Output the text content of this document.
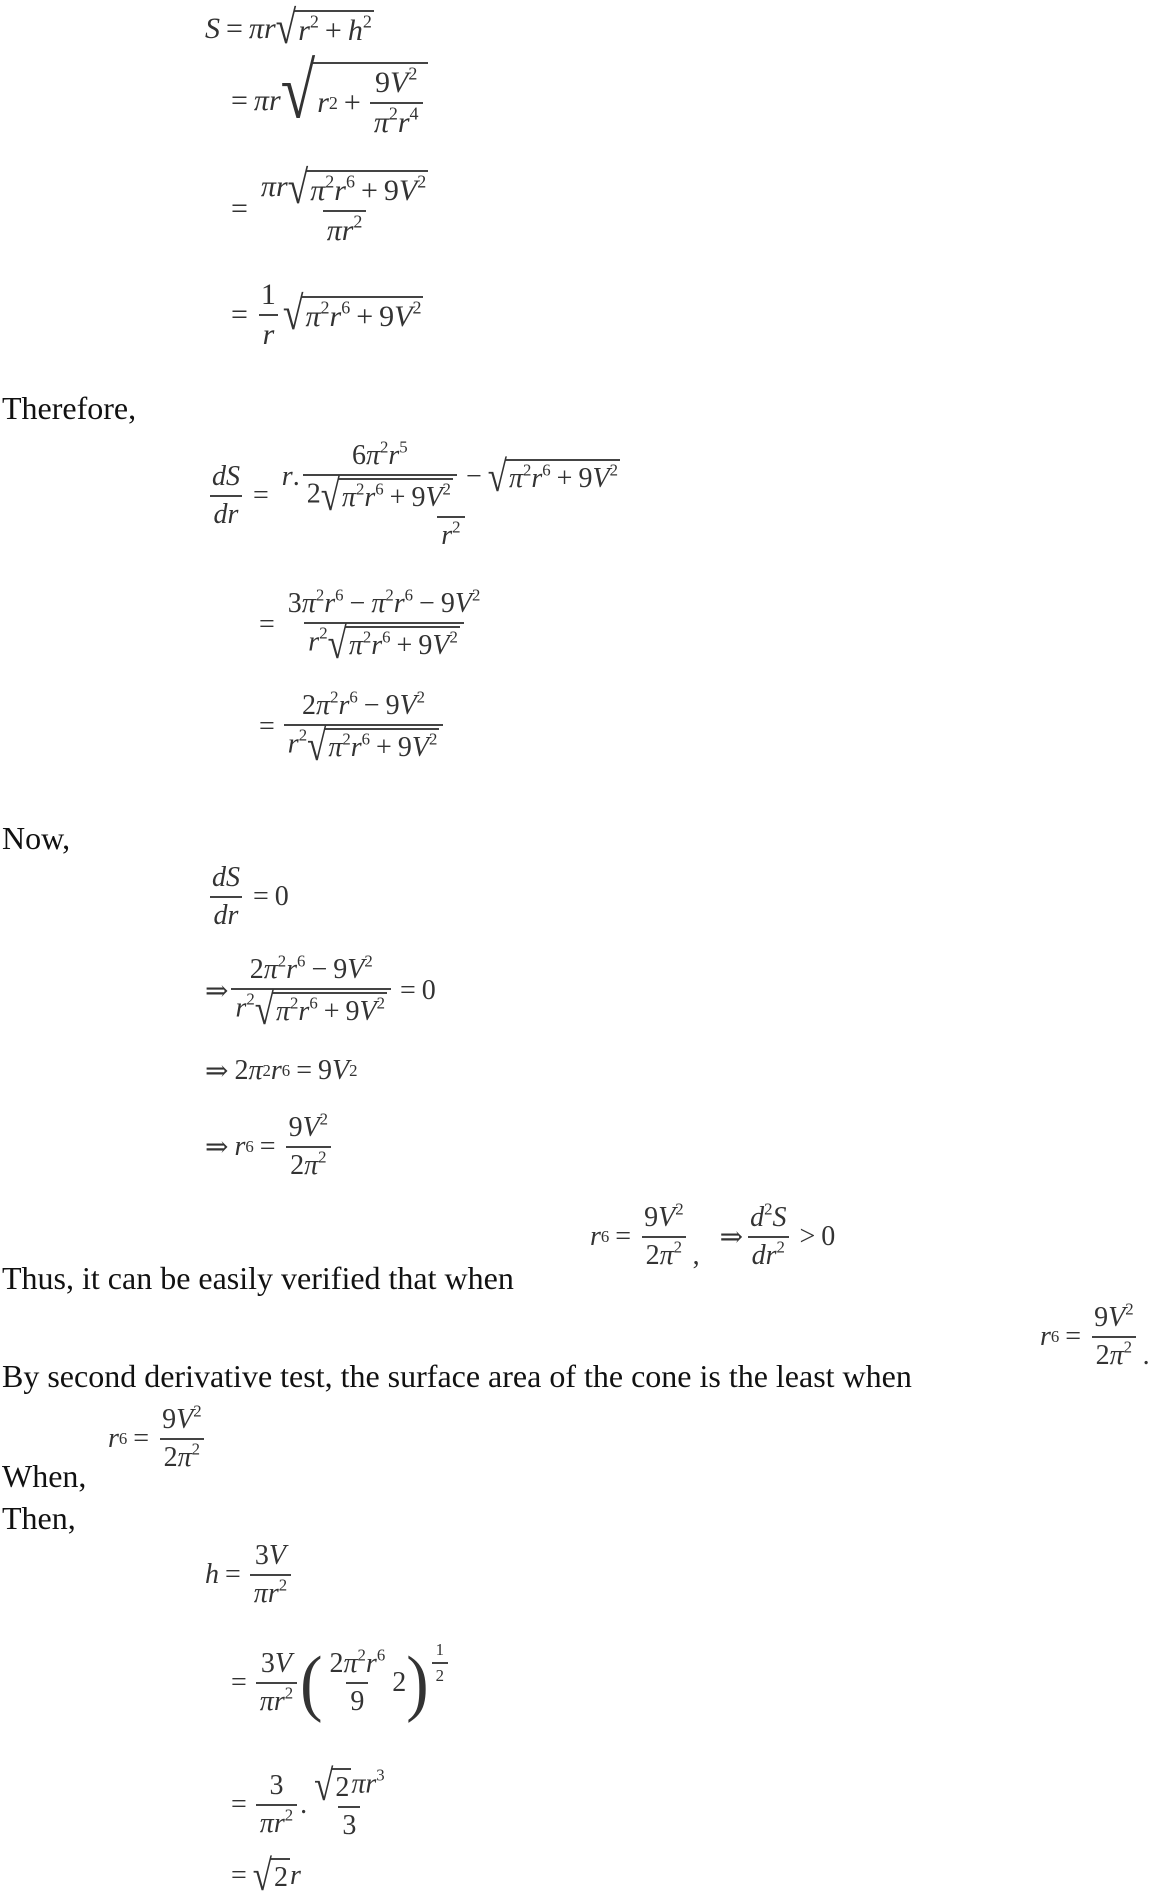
S = π r √ $r^2 + h^2$
= π r √ r $2 + \frac{9V^2}{\pi^2r^4}$
= $\frac{\pi r √ \pi^2r^6 + 9V^2}{\pi r^2}$
= $\frac{1}{r}$ √ $\pi^2r^6 + 9V^2$
Therefore,
$\frac{dS}{dr} = \frac{r . \frac{6\pi^2r^5}{2 √ \pi^2r^6 + 9V^2} - √ \pi^2r^6 + 9V^2}{r^2}$
= $\frac{3\pi^2r^6 - \pi^2r^6 - 9V^2}{r^2 √ \pi^2r^6 + 9V^2}$
= $\frac{2\pi^2r^6 - 9V^2}{r^2 √ \pi^2r^6 + 9V^2}$
Now,
$\frac{dS}{dr} = 0$
⇒ $\frac{2\pi^2r^6 - 9V^2}{r^2 √ \pi^2r^6 + 9V^2} = 0$
⇒ 2 π 2 r 6 = 9 V 2
⇒ r $6 = \frac{9V^2}{2\pi^2}$
Thus, it can be easily verified that when
r $6 = \frac{9V^2}{2\pi^2}$ ,
⇒ $\frac{d^2S}{dr^2} > 0$
By second derivative test, the surface area of the cone is the least when
r $6 = \frac{9V^2}{2\pi^2}$ .
When,
r $6 = \frac{9V^2}{2\pi^2}$
Then,
$h = \frac{3V}{\pi r^2}$
= $\frac{3V}{\pi r^2}$ ( $\frac{2\pi^2r^6}{9} 2$ ) $\frac{1}{2}$
= $\frac{3}{\pi r^2}$ . $\frac{√ 2 \pi r^3}{3}$
= √ 2 r
